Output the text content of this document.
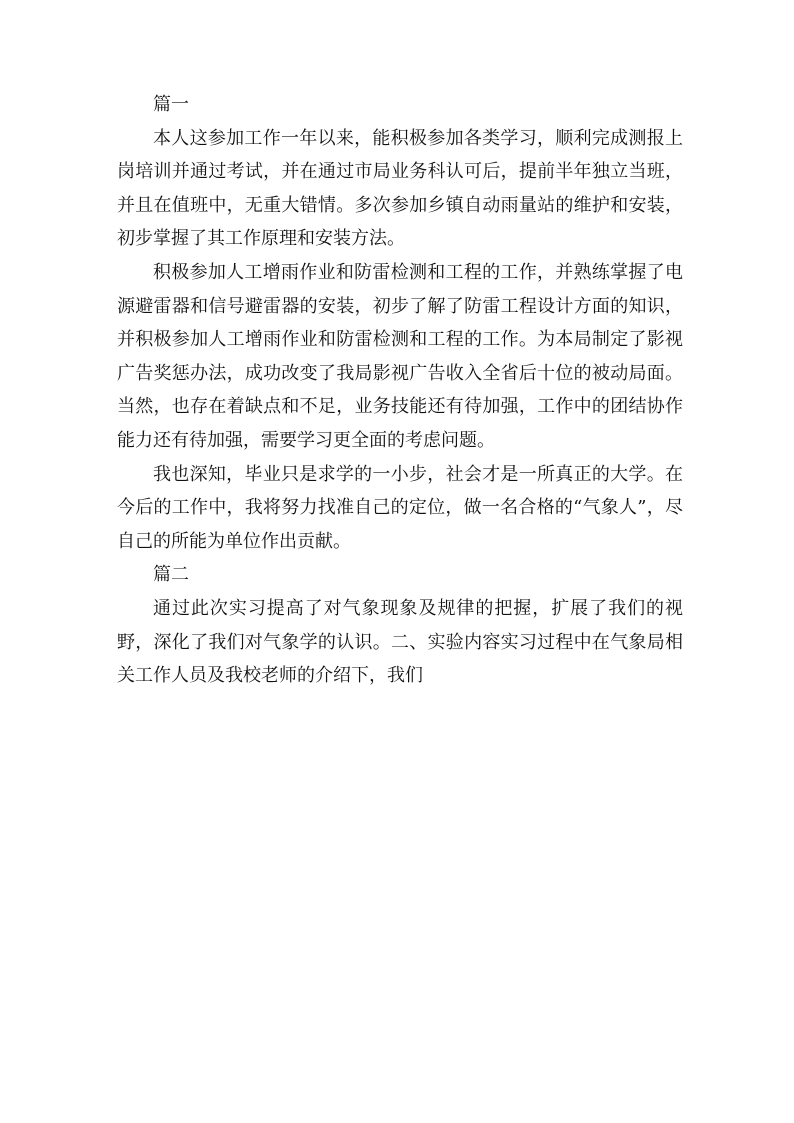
篇一

本人这参加工作一年以来，能积极参加各类学习，顺利完成测报上岗培训并通过考试，并在通过市局业务科认可后，提前半年独立当班，并且在值班中，无重大错情。多次参加乡镇自动雨量站的维护和安装，初步掌握了其工作原理和安装方法。

积极参加人工增雨作业和防雷检测和工程的工作，并熟练掌握了电源避雷器和信号避雷器的安装，初步了解了防雷工程设计方面的知识，并积极参加人工增雨作业和防雷检测和工程的工作。为本局制定了影视广告奖惩办法，成功改变了我局影视广告收入全省后十位的被动局面。当然，也存在着缺点和不足，业务技能还有待加强，工作中的团结协作能力还有待加强，需要学习更全面的考虑问题。

我也深知，毕业只是求学的一小步，社会才是一所真正的大学。在今后的工作中，我将努力找准自己的定位，做一名合格的“气象人”，尽自己的所能为单位作出贡献。

篇二

通过此次实习提高了对气象现象及规律的把握，扩展了我们的视野，深化了我们对气象学的认识。二、实验内容实习过程中在气象局相关工作人员及我校老师的介绍下，我们
